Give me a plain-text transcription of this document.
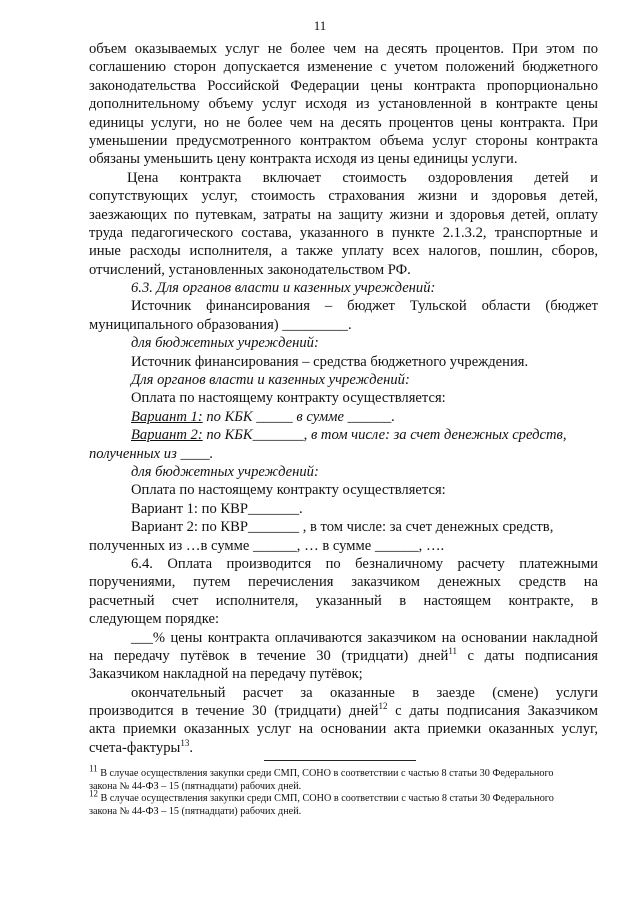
11
объем оказываемых услуг не более чем на десять процентов. При этом по
соглашению сторон допускается изменение с учетом положений бюджетного
законодательства Российской Федерации цены контракта пропорционально
дополнительному объему услуг исходя из установленной в контракте цены
единицы услуги, но не более чем на десять процентов цены контракта. При
уменьшении предусмотренного контрактом объема услуг стороны контракта
обязаны уменьшить цену контракта исходя из цены единицы услуги.
Цена контракта включает стоимость оздоровления детей и
сопутствующих услуг, стоимость страхования жизни и здоровья детей,
заезжающих по путевкам, затраты на защиту жизни и здоровья детей, оплату
труда педагогического состава, указанного в пункте 2.1.3.2, транспортные и
иные расходы исполнителя, а также уплату всех налогов, пошлин, сборов,
отчислений, установленных законодательством РФ.
6.3. Для органов власти и казенных учреждений:
Источник финансирования – бюджет Тульской области (бюджет
муниципального образования) _________.
для бюджетных учреждений:
Источник финансирования – средства бюджетного учреждения.
Для органов власти и казенных учреждений:
Оплата по настоящему контракту осуществляется:
Вариант 1: по КБК _____ в сумме ______.
Вариант 2: по КБК_______, в том числе: за счет денежных средств,
полученных из ____.
для бюджетных учреждений:
Оплата по настоящему контракту осуществляется:
Вариант 1: по КВР_______.
Вариант 2: по КВР_______ , в том числе: за счет денежных средств,
полученных из …в сумме ______, … в сумме ______, ….
6.4. Оплата производится по безналичному расчету платежными
поручениями, путем перечисления заказчиком денежных средств на
расчетный счет исполнителя, указанный в настоящем контракте, в
следующем порядке:
___% цены контракта оплачиваются заказчиком на основании накладной
на передачу путёвок в течение 30 (тридцати) дней$^{11}$ с даты подписания
Заказчиком накладной на передачу путёвок;
окончательный расчет за оказанные в заезде (смене) услуги
производится в течение 30 (тридцати) дней$^{12}$ с даты подписания Заказчиком
акта приемки оказанных услуг на основании акта приемки оказанных услуг,
счета-фактуры$^{13}$.
$^{11}$ В случае осуществления закупки среди СМП, СОНО в соответствии с частью 8 статьи 30 Федерального
закона № 44-ФЗ – 15 (пятнадцати) рабочих дней.
$^{12}$ В случае осуществления закупки среди СМП, СОНО в соответствии с частью 8 статьи 30 Федерального
закона № 44-ФЗ – 15 (пятнадцати) рабочих дней.
